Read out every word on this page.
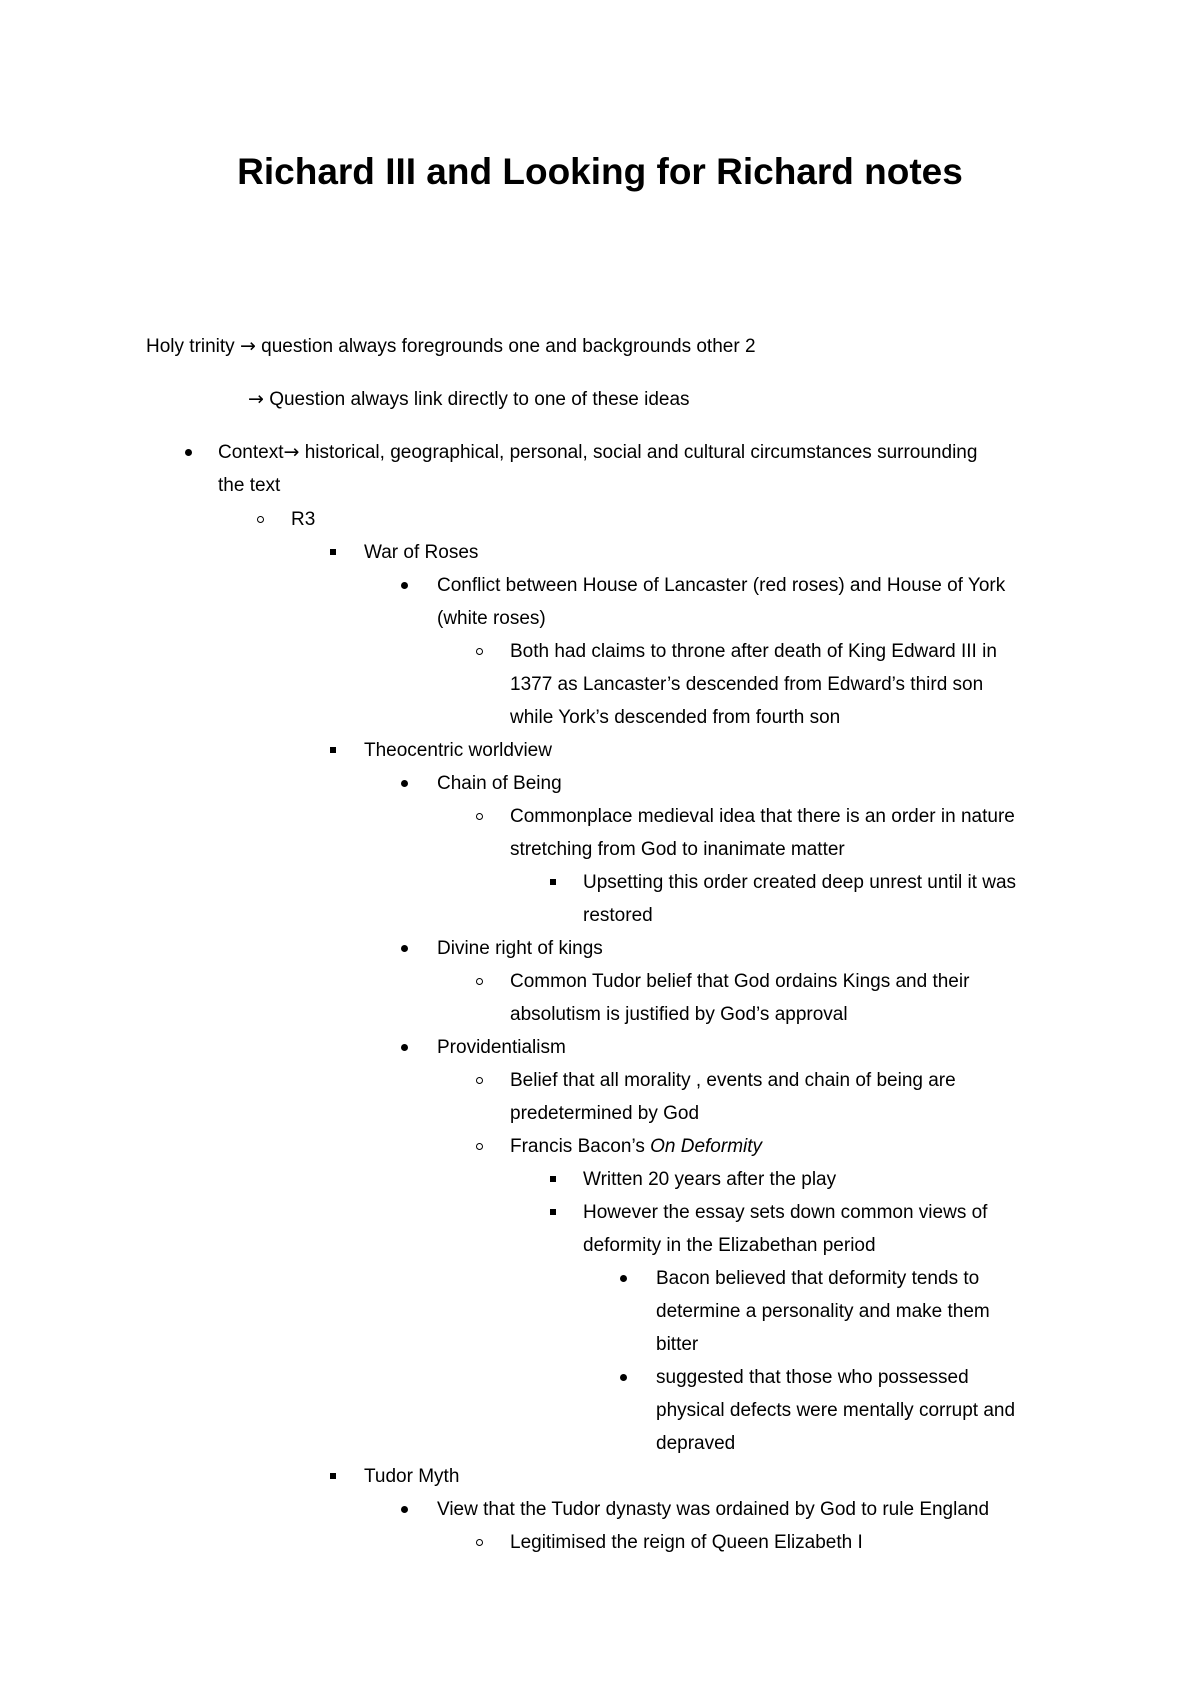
Richard III and Looking for Richard notes
Holy trinity → question always foregrounds one and backgrounds other 2
→ Question always link directly to one of these ideas
Context→ historical, geographical, personal, social and cultural circumstances surrounding
the text
R3
War of Roses
Conflict between House of Lancaster (red roses) and House of York
(white roses)
Both had claims to throne after death of King Edward III in
1377 as Lancaster’s descended from Edward’s third son
while York’s descended from fourth son
Theocentric worldview
Chain of Being
Commonplace medieval idea that there is an order in nature
stretching from God to inanimate matter
Upsetting this order created deep unrest until it was
restored
Divine right of kings
Common Tudor belief that God ordains Kings and their
absolutism is justified by God’s approval
Providentialism
Belief that all morality , events and chain of being are
predetermined by God
Francis Bacon’s On Deformity
Written 20 years after the play
However the essay sets down common views of
deformity in the Elizabethan period
Bacon believed that deformity tends to
determine a personality and make them
bitter
suggested that those who possessed
physical defects were mentally corrupt and
depraved
Tudor Myth
View that the Tudor dynasty was ordained by God to rule England
Legitimised the reign of Queen Elizabeth I
